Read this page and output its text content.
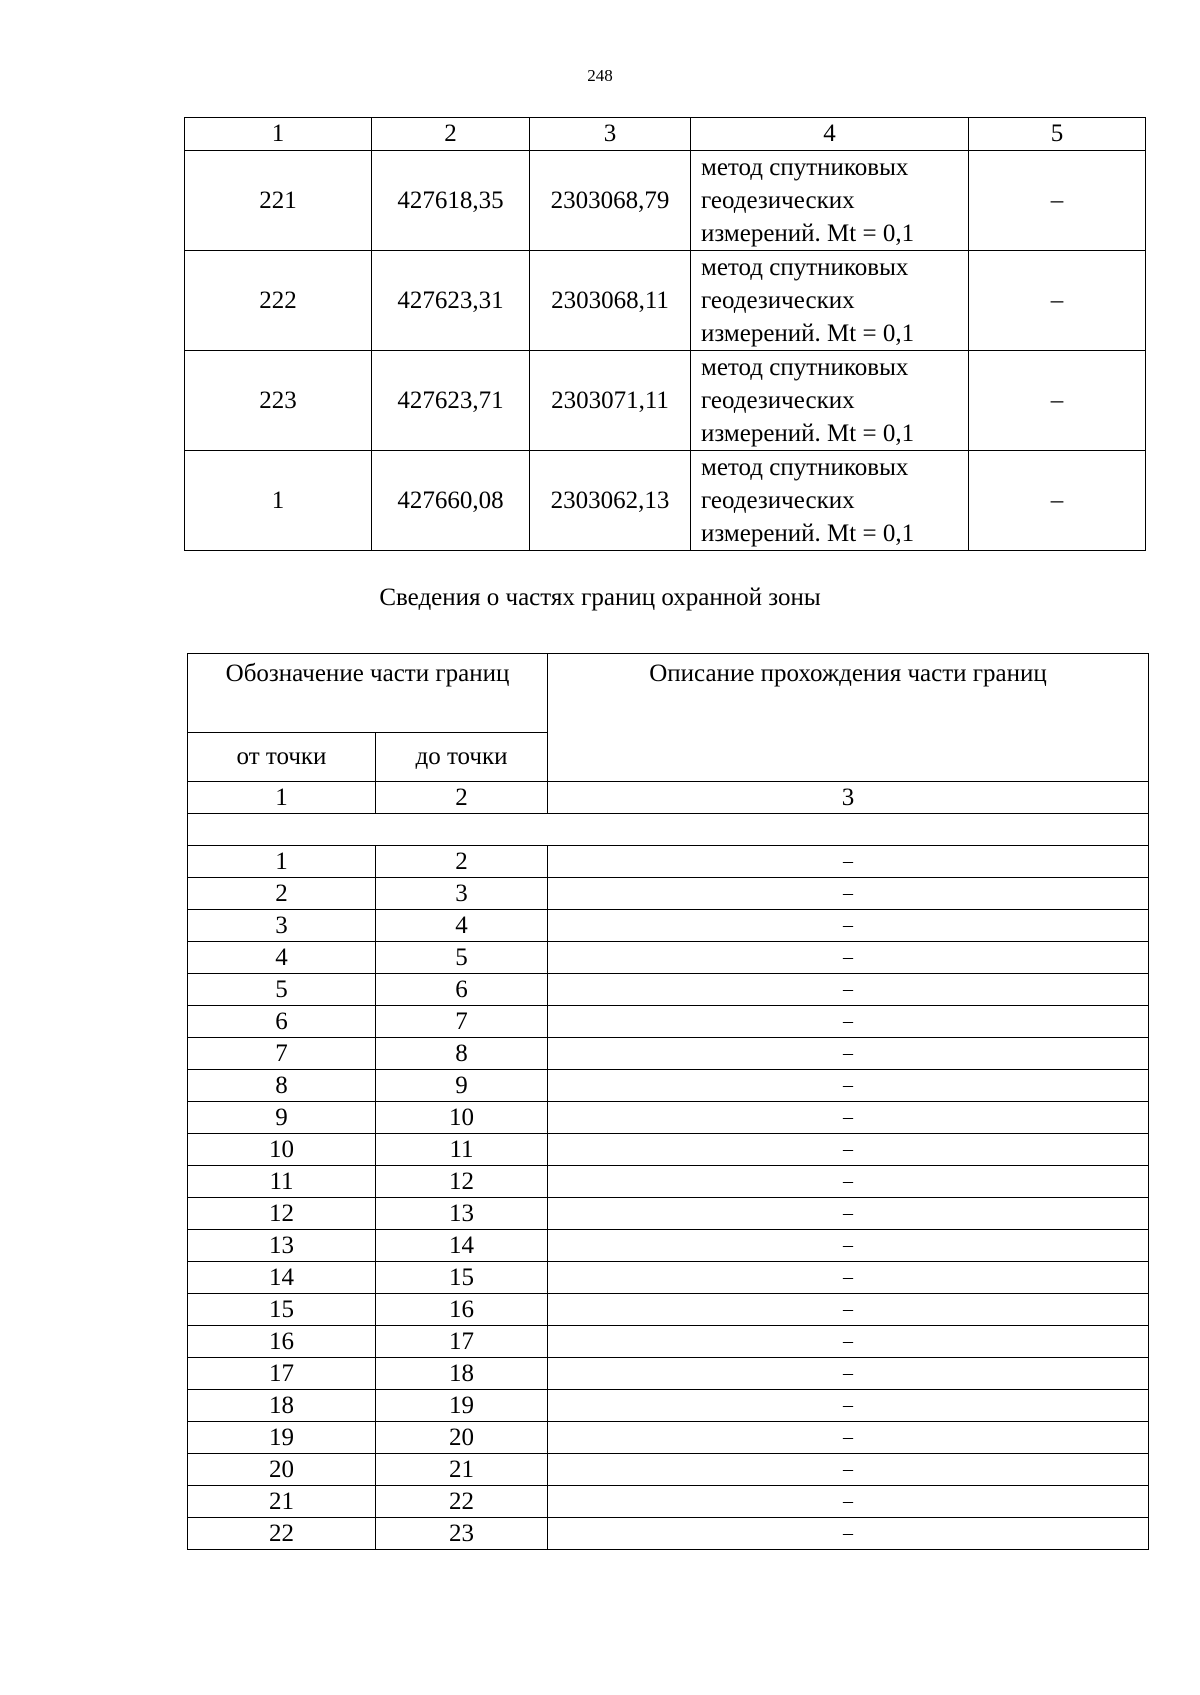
248
1	2	3	4	5
221	427618,35	2303068,79	метод спутниковых
геодезических
измерений. Mt = 0,1	–
222	427623,31	2303068,11	метод спутниковых
геодезических
измерений. Mt = 0,1	–
223	427623,71	2303071,11	метод спутниковых
геодезических
измерений. Mt = 0,1	–
1	427660,08	2303062,13	метод спутниковых
геодезических
измерений. Mt = 0,1	–
Сведения о частях границ охранной зоны
Обозначение части границ		Описание прохождения части границ
от точки	до точки	
1	2	3

1	2	–
2	3	–
3	4	–
4	5	–
5	6	–
6	7	–
7	8	–
8	9	–
9	10	–
10	11	–
11	12	–
12	13	–
13	14	–
14	15	–
15	16	–
16	17	–
17	18	–
18	19	–
19	20	–
20	21	–
21	22	–
22	23	–
